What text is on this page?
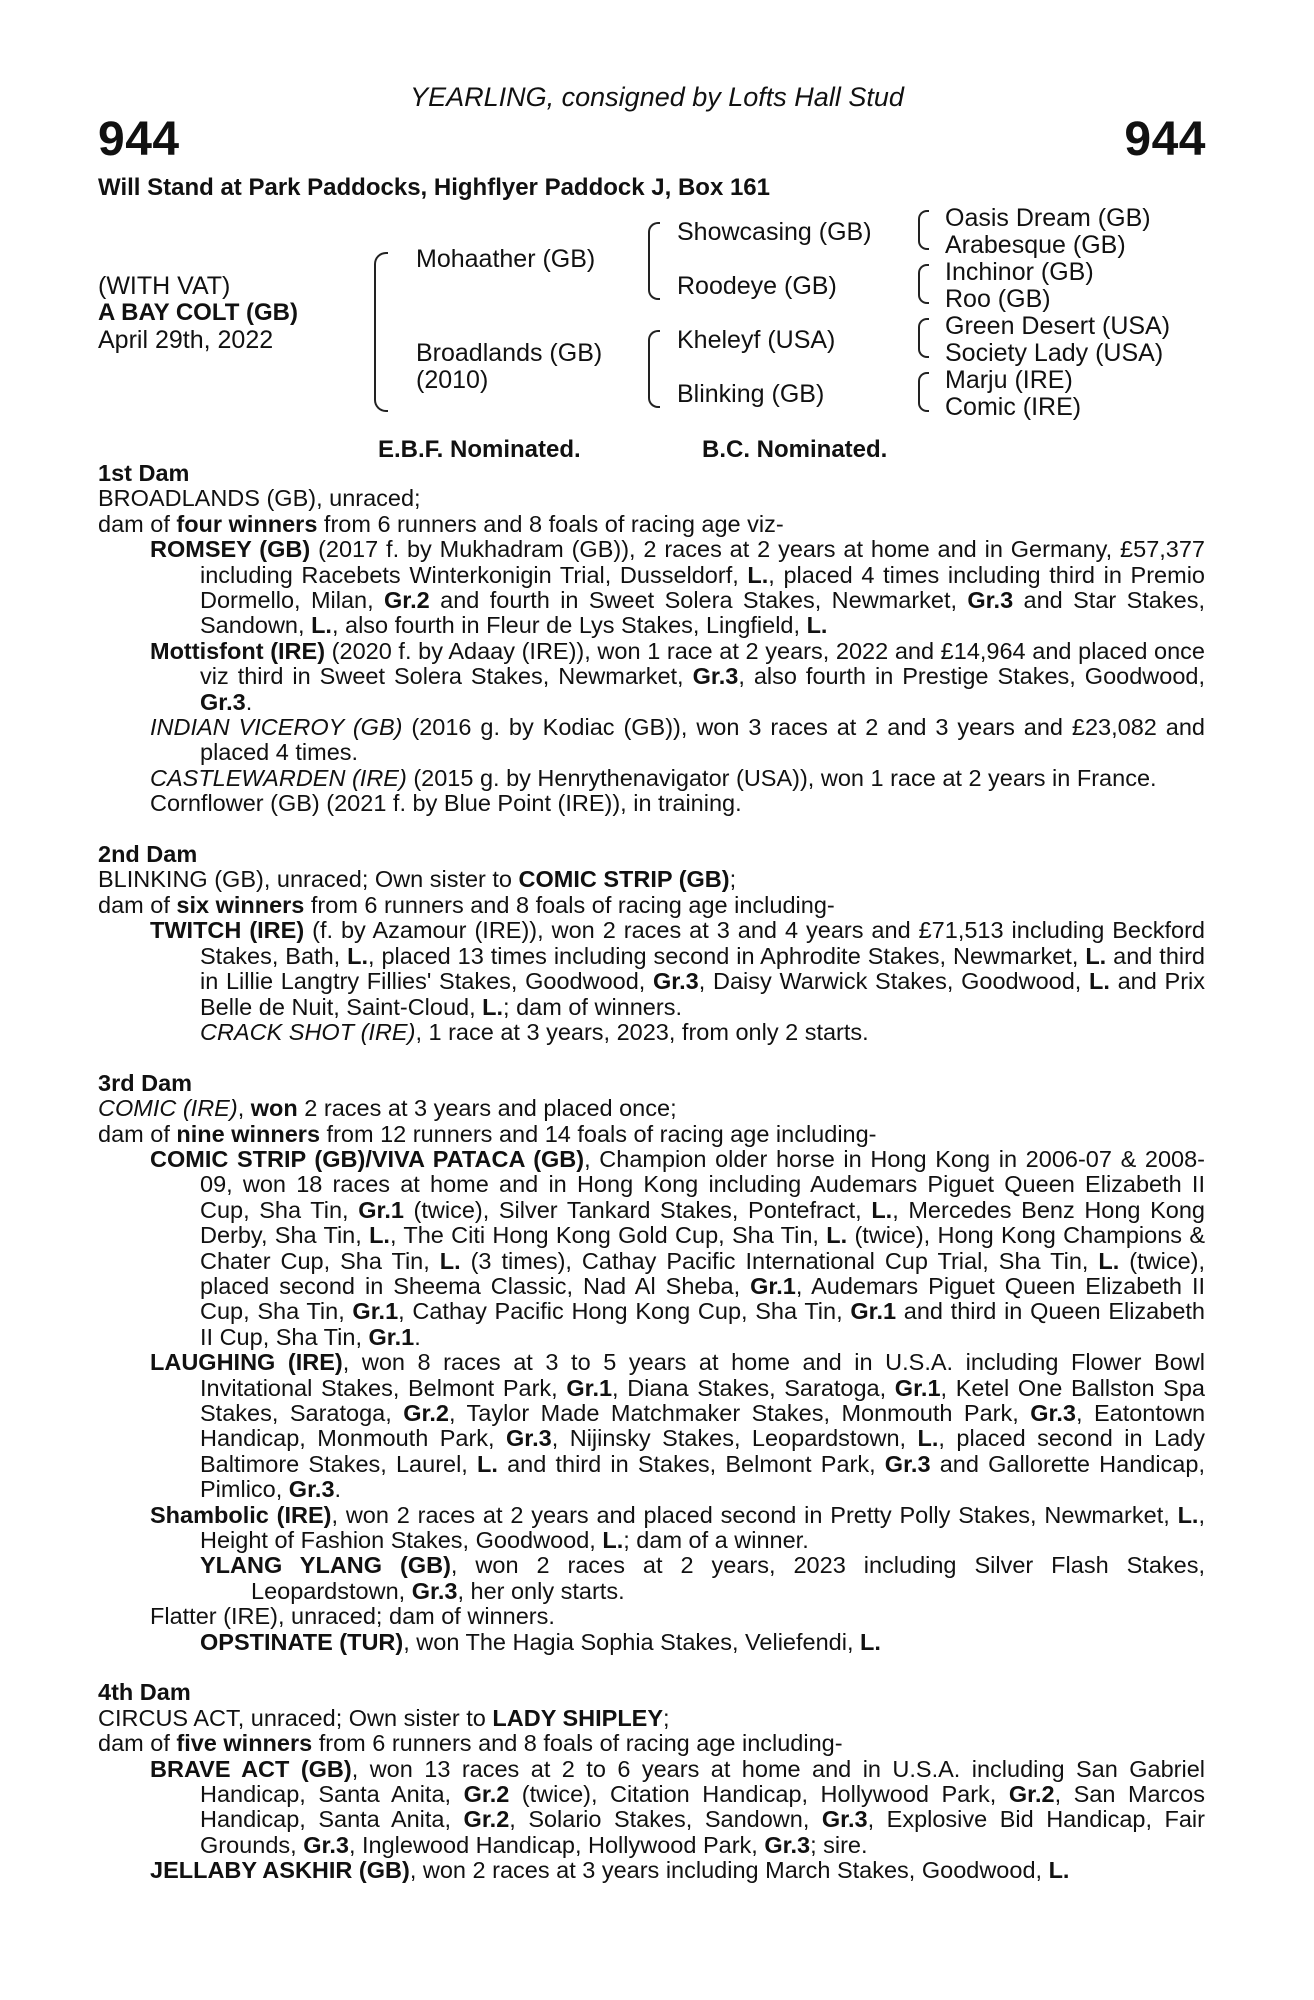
YEARLING, consigned by Lofts Hall Stud
944	944
Will Stand at Park Paddocks, Highflyer Paddock J, Box 161
(WITH VAT)
A BAY COLT (GB)
April 29th, 2022
Mohaather (GB)
Broadlands (GB)
(2010)
Showcasing (GB)
Roodeye (GB)
Kheleyf (USA)
Blinking (GB)
Oasis Dream (GB)
Arabesque (GB)
Inchinor (GB)
Roo (GB)
Green Desert (USA)
Society Lady (USA)
Marju (IRE)
Comic (IRE)
E.B.F. Nominated.	B.C. Nominated.
1st Dam
BROADLANDS (GB), unraced;
dam of four winners from 6 runners and 8 foals of racing age viz-
ROMSEY (GB) (2017 f. by Mukhadram (GB)), 2 races at 2 years at home and in Germany, £57,377 including Racebets Winterkonigin Trial, Dusseldorf, L., placed 4 times including third in Premio Dormello, Milan, Gr.2 and fourth in Sweet Solera Stakes, Newmarket, Gr.3 and Star Stakes, Sandown, L., also fourth in Fleur de Lys Stakes, Lingfield, L.
Mottisfont (IRE) (2020 f. by Adaay (IRE)), won 1 race at 2 years, 2022 and £14,964 and placed once viz third in Sweet Solera Stakes, Newmarket, Gr.3, also fourth in Prestige Stakes, Goodwood, Gr.3.
INDIAN VICEROY (GB) (2016 g. by Kodiac (GB)), won 3 races at 2 and 3 years and £23,082 and placed 4 times.
CASTLEWARDEN (IRE) (2015 g. by Henrythenavigator (USA)), won 1 race at 2 years in France.
Cornflower (GB) (2021 f. by Blue Point (IRE)), in training.
2nd Dam
BLINKING (GB), unraced; Own sister to COMIC STRIP (GB);
dam of six winners from 6 runners and 8 foals of racing age including-
TWITCH (IRE) (f. by Azamour (IRE)), won 2 races at 3 and 4 years and £71,513 including Beckford Stakes, Bath, L., placed 13 times including second in Aphrodite Stakes, Newmarket, L. and third in Lillie Langtry Fillies' Stakes, Goodwood, Gr.3, Daisy Warwick Stakes, Goodwood, L. and Prix Belle de Nuit, Saint-Cloud, L.; dam of winners.
CRACK SHOT (IRE), 1 race at 3 years, 2023, from only 2 starts.
3rd Dam
COMIC (IRE), won 2 races at 3 years and placed once;
dam of nine winners from 12 runners and 14 foals of racing age including-
COMIC STRIP (GB)/VIVA PATACA (GB), Champion older horse in Hong Kong in 2006-07 & 2008-09, won 18 races at home and in Hong Kong including Audemars Piguet Queen Elizabeth II Cup, Sha Tin, Gr.1 (twice), Silver Tankard Stakes, Pontefract, L., Mercedes Benz Hong Kong Derby, Sha Tin, L., The Citi Hong Kong Gold Cup, Sha Tin, L. (twice), Hong Kong Champions & Chater Cup, Sha Tin, L. (3 times), Cathay Pacific International Cup Trial, Sha Tin, L. (twice), placed second in Sheema Classic, Nad Al Sheba, Gr.1, Audemars Piguet Queen Elizabeth II Cup, Sha Tin, Gr.1, Cathay Pacific Hong Kong Cup, Sha Tin, Gr.1 and third in Queen Elizabeth II Cup, Sha Tin, Gr.1.
LAUGHING (IRE), won 8 races at 3 to 5 years at home and in U.S.A. including Flower Bowl Invitational Stakes, Belmont Park, Gr.1, Diana Stakes, Saratoga, Gr.1, Ketel One Ballston Spa Stakes, Saratoga, Gr.2, Taylor Made Matchmaker Stakes, Monmouth Park, Gr.3, Eatontown Handicap, Monmouth Park, Gr.3, Nijinsky Stakes, Leopardstown, L., placed second in Lady Baltimore Stakes, Laurel, L. and third in Stakes, Belmont Park, Gr.3 and Gallorette Handicap, Pimlico, Gr.3.
Shambolic (IRE), won 2 races at 2 years and placed second in Pretty Polly Stakes, Newmarket, L., Height of Fashion Stakes, Goodwood, L.; dam of a winner.
YLANG YLANG (GB), won 2 races at 2 years, 2023 including Silver Flash Stakes, Leopardstown, Gr.3, her only starts.
Flatter (IRE), unraced; dam of winners.
OPSTINATE (TUR), won The Hagia Sophia Stakes, Veliefendi, L.
4th Dam
CIRCUS ACT, unraced; Own sister to LADY SHIPLEY;
dam of five winners from 6 runners and 8 foals of racing age including-
BRAVE ACT (GB), won 13 races at 2 to 6 years at home and in U.S.A. including San Gabriel Handicap, Santa Anita, Gr.2 (twice), Citation Handicap, Hollywood Park, Gr.2, San Marcos Handicap, Santa Anita, Gr.2, Solario Stakes, Sandown, Gr.3, Explosive Bid Handicap, Fair Grounds, Gr.3, Inglewood Handicap, Hollywood Park, Gr.3; sire.
JELLABY ASKHIR (GB), won 2 races at 3 years including March Stakes, Goodwood, L.
